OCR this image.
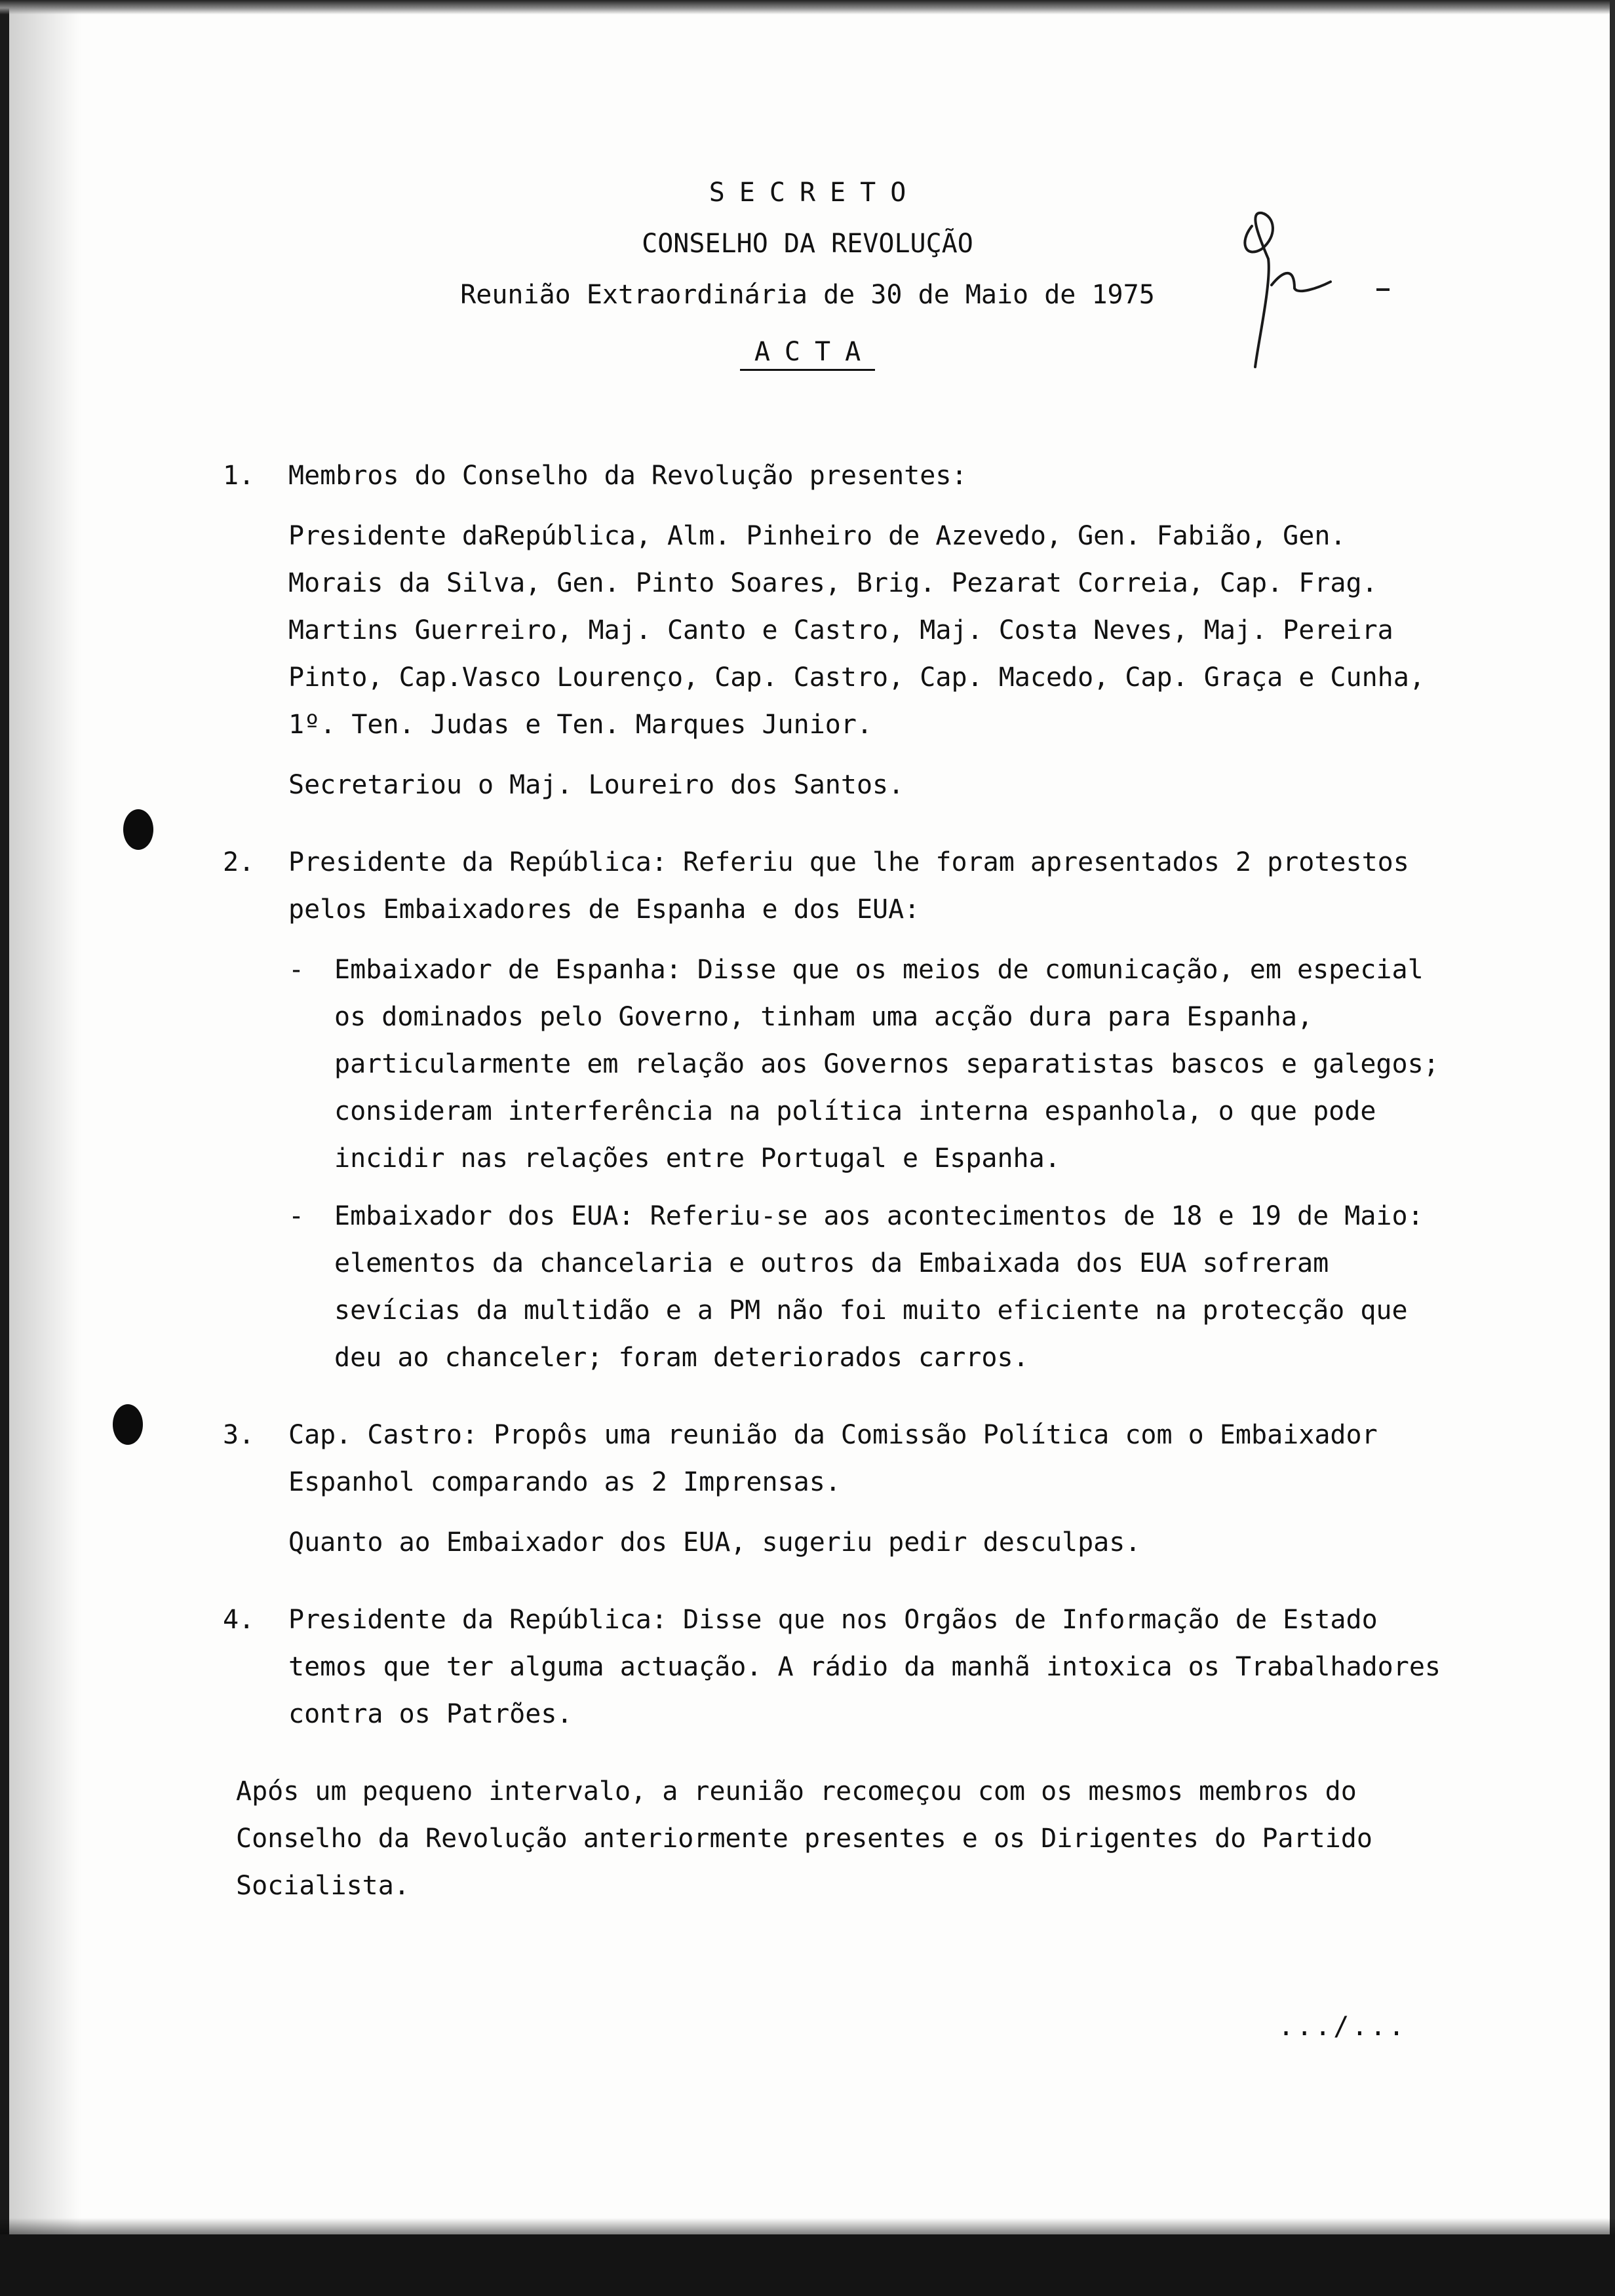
SECRETO
CONSELHO DA REVOLUÇÃO
Reunião Extraordinária de 30 de Maio de 1975
ACTA
1. Membros do Conselho da Revolução presentes:

Presidente daRepública, Alm. Pinheiro de Azevedo, Gen. Fabião, Gen. Morais da Silva, Gen. Pinto Soares, Brig. Pezarat Correia, Cap. Frag. Martins Guerreiro, Maj. Canto e Castro, Maj. Costa Neves, Maj. Pereira Pinto, Cap.Vasco Lourenço, Cap. Castro, Cap. Macedo, Cap. Graça e Cunha, 1º. Ten. Judas e Ten. Marques Junior.

Secretariou o Maj. Loureiro dos Santos.

2. Presidente da República: Referiu que lhe foram apresentados 2 protestos pelos Embaixadores de Espanha e dos EUA:

- Embaixador de Espanha: Disse que os meios de comunicação, em especial os dominados pelo Governo, tinham uma acção dura para Espanha, particularmente em relação aos Governos separatistas bascos e galegos; consideram interferência na política interna espanhola, o que pode incidir nas relações entre Portugal e Espanha.
- Embaixador dos EUA: Referiu-se aos acontecimentos de 18 e 19 de Maio: elementos da chancelaria e outros da Embaixada dos EUA sofreram sevícias da multidão e a PM não foi muito eficiente na protecção que deu ao chanceler; foram deteriorados carros.
3. Cap. Castro: Propôs uma reunião da Comissão Política com o Embaixador Espanhol comparando as 2 Imprensas.

Quanto ao Embaixador dos EUA, sugeriu pedir desculpas.

4. Presidente da República: Disse que nos Orgãos de Informação de Estado temos que ter alguma actuação. A rádio da manhã intoxica os Trabalhadores contra os Patrões.

Após um pequeno intervalo, a reunião recomeçou com os mesmos membros do Conselho da Revolução anteriormente presentes e os Dirigentes do Partido Socialista.

.../...
